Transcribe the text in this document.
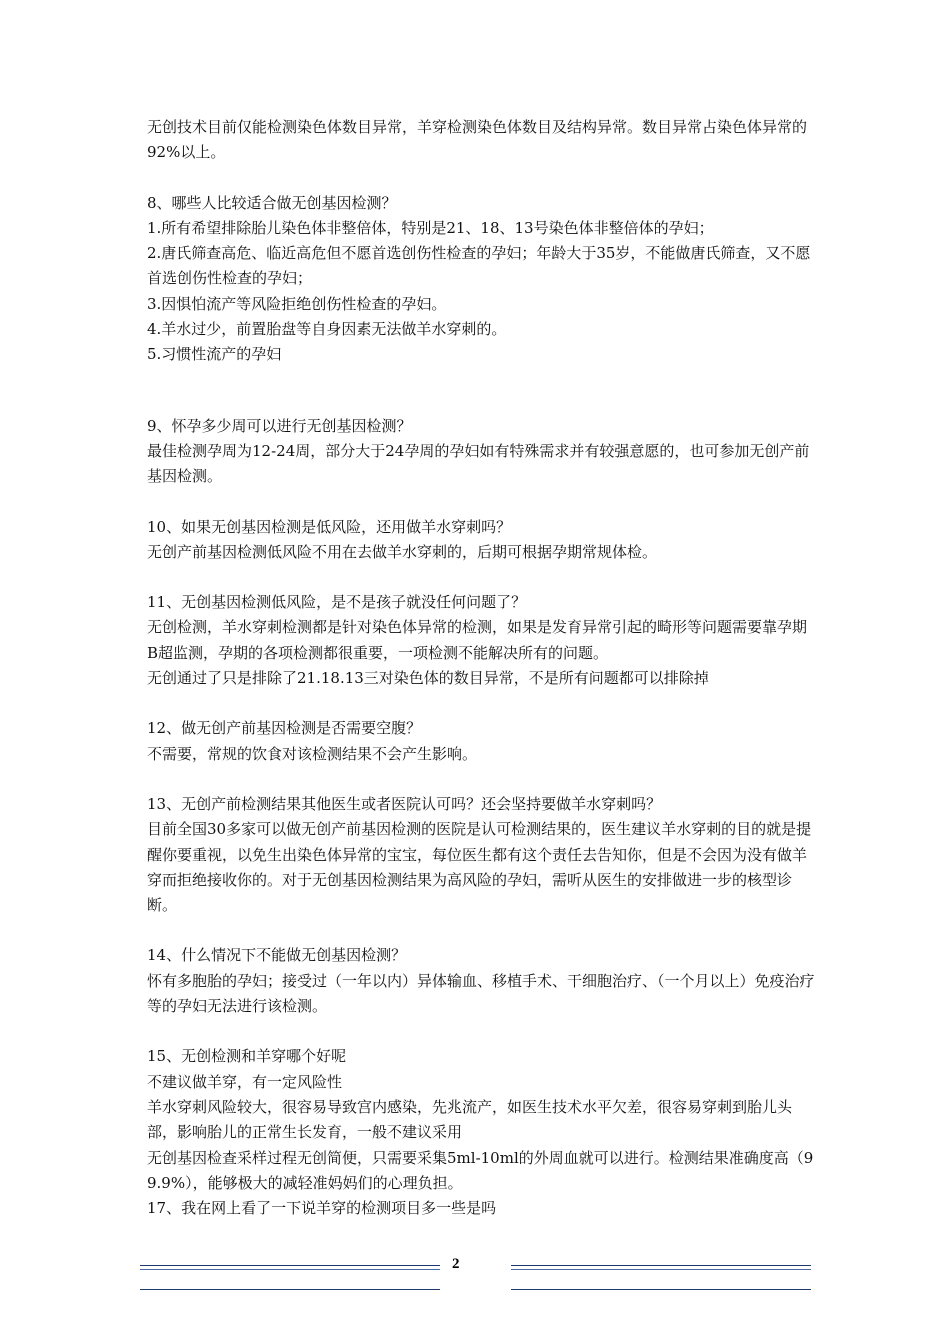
无创技术目前仅能检测染色体数目异常，羊穿检测染色体数目及结构异常。数目异常占染色体异常的92%以上。

8、哪些人比较适合做无创基因检测？

1.所有希望排除胎儿染色体非整倍体，特别是21、18、13号染色体非整倍体的孕妇；

2.唐氏筛查高危、临近高危但不愿首选创伤性检查的孕妇；年龄大于35岁，不能做唐氏筛查，又不愿首选创伤性检查的孕妇；

3.因惧怕流产等风险拒绝创伤性检查的孕妇。

4.羊水过少，前置胎盘等自身因素无法做羊水穿刺的。

5.习惯性流产的孕妇

9、怀孕多少周可以进行无创基因检测？

最佳检测孕周为12-24周，部分大于24孕周的孕妇如有特殊需求并有较强意愿的，也可参加无创产前基因检测。

10、如果无创基因检测是低风险，还用做羊水穿刺吗？

无创产前基因检测低风险不用在去做羊水穿刺的，后期可根据孕期常规体检。

11、无创基因检测低风险，是不是孩子就没任何问题了？

无创检测，羊水穿刺检测都是针对染色体异常的检测，如果是发育异常引起的畸形等问题需要靠孕期B超监测，孕期的各项检测都很重要，一项检测不能解决所有的问题。

无创通过了只是排除了21.18.13三对染色体的数目异常，不是所有问题都可以排除掉

12、做无创产前基因检测是否需要空腹？

不需要，常规的饮食对该检测结果不会产生影响。

13、无创产前检测结果其他医生或者医院认可吗？还会坚持要做羊水穿刺吗？

目前全国30多家可以做无创产前基因检测的医院是认可检测结果的，医生建议羊水穿刺的目的就是提醒你要重视，以免生出染色体异常的宝宝，每位医生都有这个责任去告知你，但是不会因为没有做羊穿而拒绝接收你的。对于无创基因检测结果为高风险的孕妇，需听从医生的安排做进一步的核型诊断。

14、什么情况下不能做无创基因检测？

怀有多胞胎的孕妇；接受过（一年以内）异体输血、移植手术、干细胞治疗、（一个月以上）免疫治疗等的孕妇无法进行该检测。

15、无创检测和羊穿哪个好呢

不建议做羊穿，有一定风险性

羊水穿刺风险较大，很容易导致宫内感染，先兆流产，如医生技术水平欠差，很容易穿刺到胎儿头部，影响胎儿的正常生长发育，一般不建议采用

无创基因检查采样过程无创简便，只需要采集5ml-10ml的外周血就可以进行。检测结果准确度高（99.9%），能够极大的减轻准妈妈们的心理负担。

17、我在网上看了一下说羊穿的检测项目多一些是吗

2
